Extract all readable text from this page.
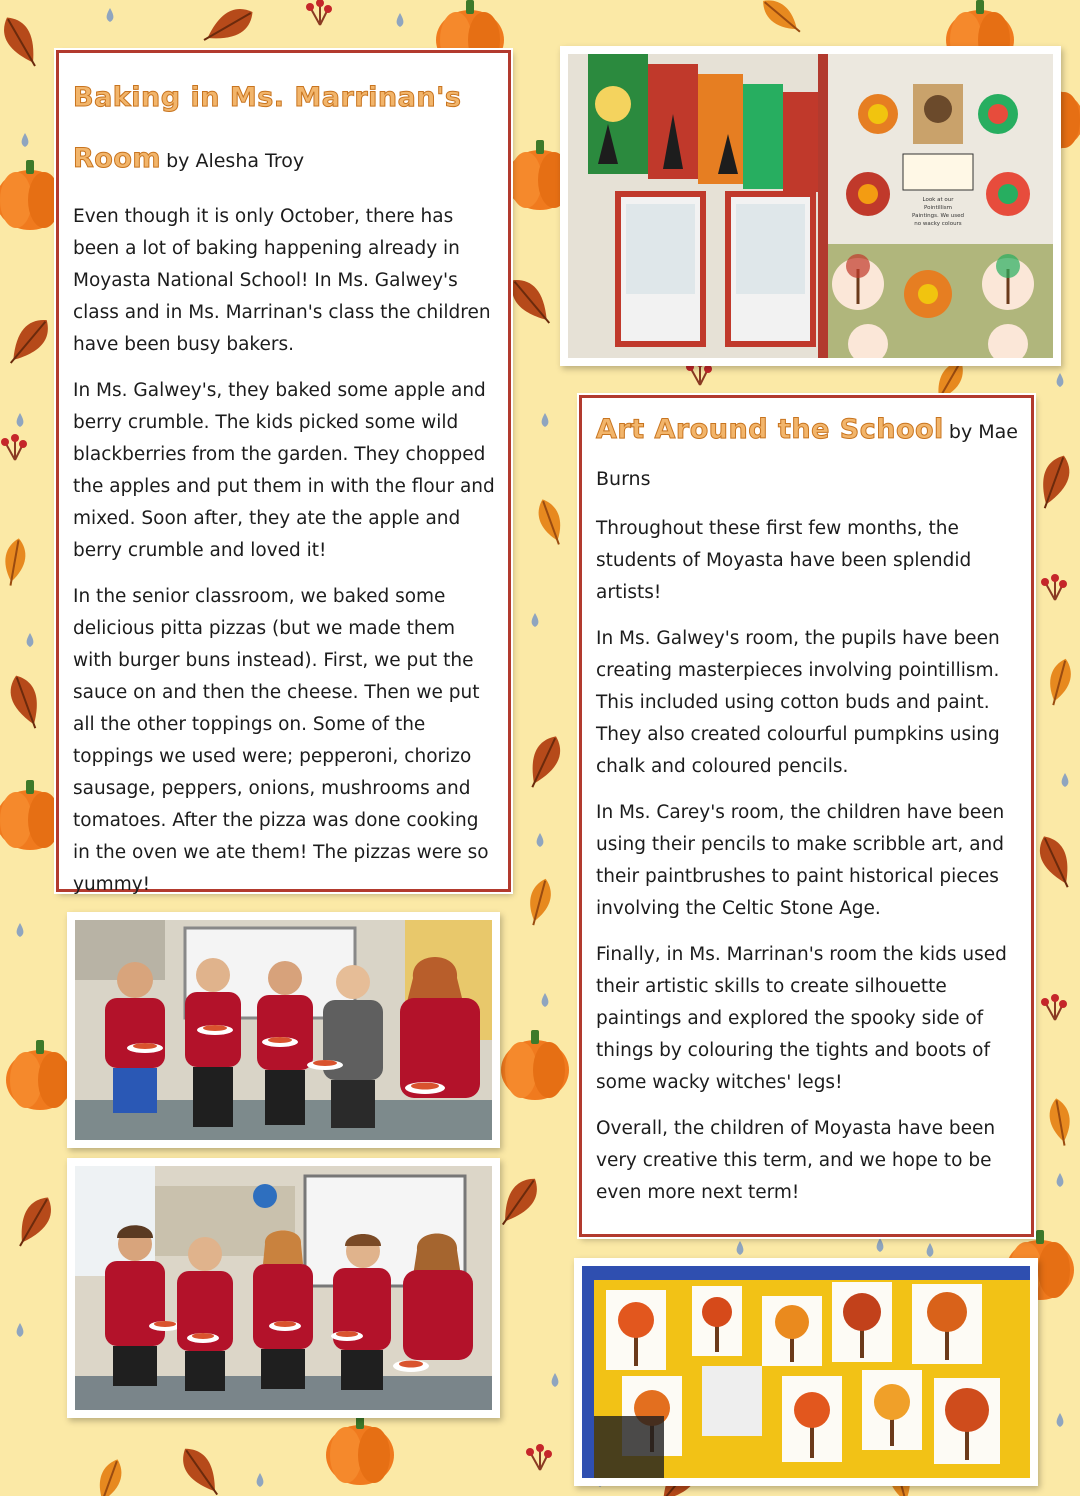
Baking in Ms. Marrinan's
Room by Alesha Troy

Even though it is only October, there has been a lot of baking happening already in Moyasta National School! In Ms. Galwey's class and in Ms. Marrinan's class the children have been busy bakers.

In Ms. Galwey's, they baked some apple and berry crumble. The kids picked some wild blackberries from the garden. They chopped the apples and put them in with the flour and mixed. Soon after, they ate the apple and berry crumble and loved it!

In the senior classroom, we baked some delicious pitta pizzas (but we made them with burger buns instead). First, we put the sauce on and then the cheese. Then we put all the other toppings on. Some of the toppings we used were; pepperoni, chorizo sausage, peppers, onions, mushrooms and tomatoes. After the pizza was done cooking in the oven we ate them! The pizzas were so yummy!

Look at our
Pointillism
Paintings. We used
no wacky colours
Art Around the School by Mae
Burns

Throughout these first few months, the students of Moyasta have been splendid artists!

In Ms. Galwey's room, the pupils have been creating masterpieces involving pointillism. This included using cotton buds and paint. They also created colourful pumpkins using chalk and coloured pencils.

In Ms. Carey's room, the children have been using their pencils to make scribble art, and their paintbrushes to paint historical pieces involving the Celtic Stone Age.

Finally, in Ms. Marrinan's room the kids used their artistic skills to create silhouette paintings and explored the spooky side of things by colouring the tights and boots of some wacky witches' legs!

Overall, the children of Moyasta have been very creative this term, and we hope to be even more next term!
